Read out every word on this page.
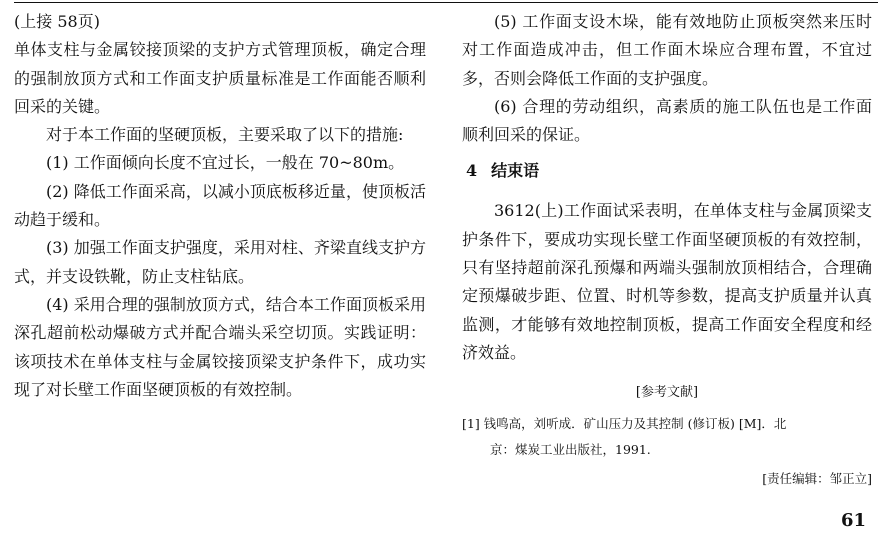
(上接 58页)

单体支柱与金属铰接顶梁的支护方式管理顶板，确定合理的强制放顶方式和工作面支护质量标准是工作面能否顺利回采的关键。

对于本工作面的坚硬顶板，主要采取了以下的措施:

(1) 工作面倾向长度不宜过长，一般在 70~80m。

(2) 降低工作面采高，以减小顶底板移近量，使顶板活动趋于缓和。

(3) 加强工作面支护强度，采用对柱、齐梁直线支护方式，并支设铁靴，防止支柱钻底。

(4) 采用合理的强制放顶方式，结合本工作面顶板采用深孔超前松动爆破方式并配合端头采空切顶。实践证明：该项技术在单体支柱与金属铰接顶梁支护条件下，成功实现了对长壁工作面坚硬顶板的有效控制。

(5) 工作面支设木垛，能有效地防止顶板突然来压时对工作面造成冲击，但工作面木垛应合理布置，不宜过多，否则会降低工作面的支护强度。

(6) 合理的劳动组织，高素质的施工队伍也是工作面顺利回采的保证。

4 结束语

3612(上)工作面试采表明，在单体支柱与金属顶梁支护条件下，要成功实现长壁工作面坚硬顶板的有效控制，只有坚持超前深孔预爆和两端头强制放顶相结合，合理确定预爆破步距、位置、时机等参数，提高支护质量并认真监测，才能够有效地控制顶板，提高工作面安全程度和经济效益。

[参考文献]
[1] 钱鸣高，刘听成．矿山压力及其控制 (修订板) [M]．北
京：煤炭工业出版社，1991.
[责任编辑：邹正立]
61
